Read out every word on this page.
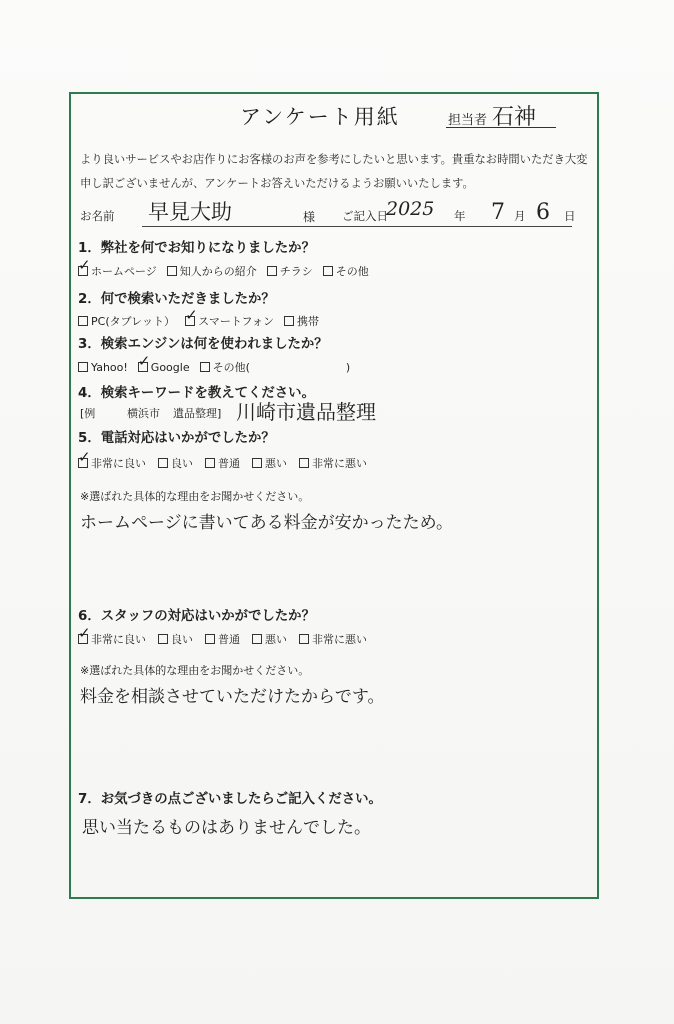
アンケート用紙	担当者 石神
より良いサービスやお店作りにお客様のお声を参考にしたいと思います。貴重なお時間いただき大変
申し訳ございませんが、アンケートお答えいただけるようお願いいたします。
お名前 早見大助	様 ご記入日
2025 年 7 月 6 日
1．弊社を何でお知りになりましたか？
✓ ホームページ 知人からの紹介 チラシ その他
2．何で検索いただきましたか？
PC(タブレット） ✓ スマートフォン 携帯
3．検索エンジンは何を使われましたか？
Yahoo! ✓ Google その他(	)
4．検索キーワードを教えてください。
[例	横浜市 遺品整理] 川崎市遺品整理
5．電話対応はいかがでしたか？
✓ 非常に良い 良い 普通 悪い 非常に悪い
※選ばれた具体的な理由をお聞かせください。
ホームページに書いてある料金が安かったため。
6．スタッフの対応はいかがでしたか？
✓ 非常に良い 良い 普通 悪い 非常に悪い
※選ばれた具体的な理由をお聞かせください。
料金を相談させていただけたからです。
7．お気づきの点ございましたらご記入ください。
思い当たるものはありませんでした。
